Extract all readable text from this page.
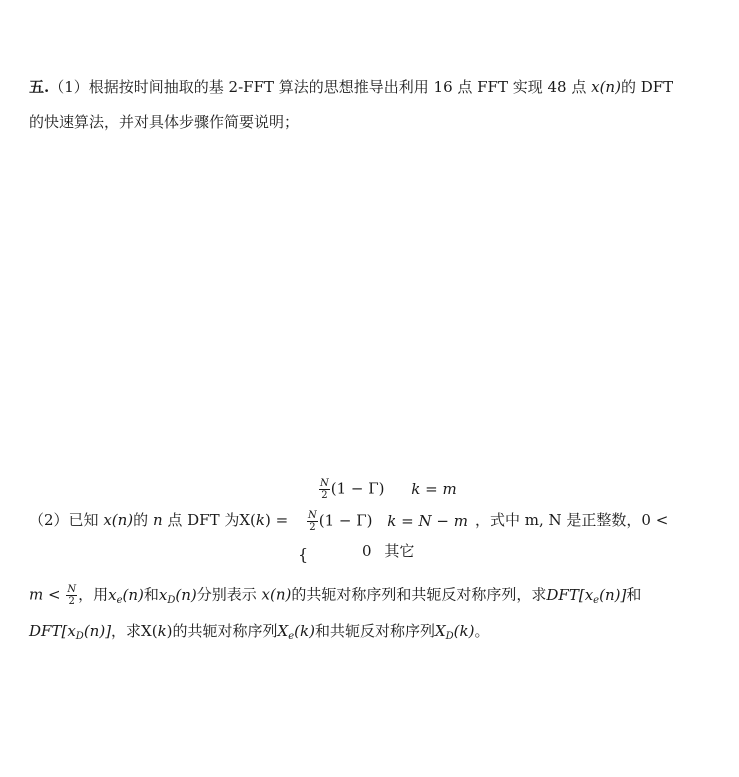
五.（1）根据按时间抽取的基 2-FFT 算法的思想推导出利用 16 点 FFT 实现 48 点 x(n)的 DFT
的快速算法，并对具体步骤作简要说明；
$\frac{N}{2} (1 - \Gamma) k = m$
（2）已知 x(n)的 n 点 DFT 为$X(k) = \frac{N}{2} (1 - \Gamma) k = N - m$ ，式中 m, N 是正整数，0 <
{	0 其它
$m < \frac{N}{2}$ ，用$x_e(n)$和$x_D(n)$分别表示 x(n)的共轭对称序列和共轭反对称序列，求$DFT[x_e(n)]$和
$DFT[x_D(n)]$，求X(k)的共轭对称序列$X_e(k)$和共轭反对称序列$X_D(k)$。
